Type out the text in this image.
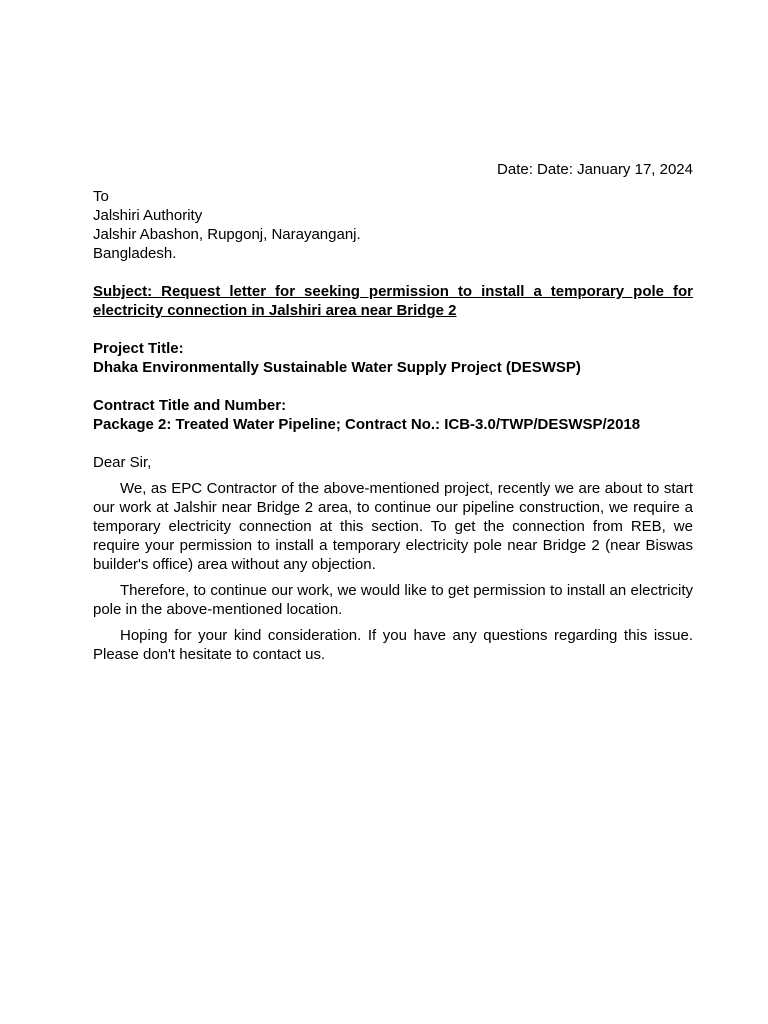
Date: Date: January 17, 2024

To
Jalshiri Authority
Jalshir Abashon, Rupgonj, Narayanganj.
Bangladesh.

Subject: Request letter for seeking permission to install a temporary pole for electricity connection in Jalshiri area near Bridge 2

Project Title:
Dhaka Environmentally Sustainable Water Supply Project (DESWSP)
Contract Title and Number:
Package 2: Treated Water Pipeline; Contract No.: ICB-3.0/TWP/DESWSP/2018

Dear Sir,

We, as EPC Contractor of the above-mentioned project, recently we are about to start our work at Jalshir near Bridge 2 area, to continue our pipeline construction, we require a temporary electricity connection at this section. To get the connection from REB, we require your permission to install a temporary electricity pole near Bridge 2 (near Biswas builder's office) area without any objection.

Therefore, to continue our work, we would like to get permission to install an electricity pole in the above-mentioned location.

Hoping for your kind consideration. If you have any questions regarding this issue. Please don't hesitate to contact us.
